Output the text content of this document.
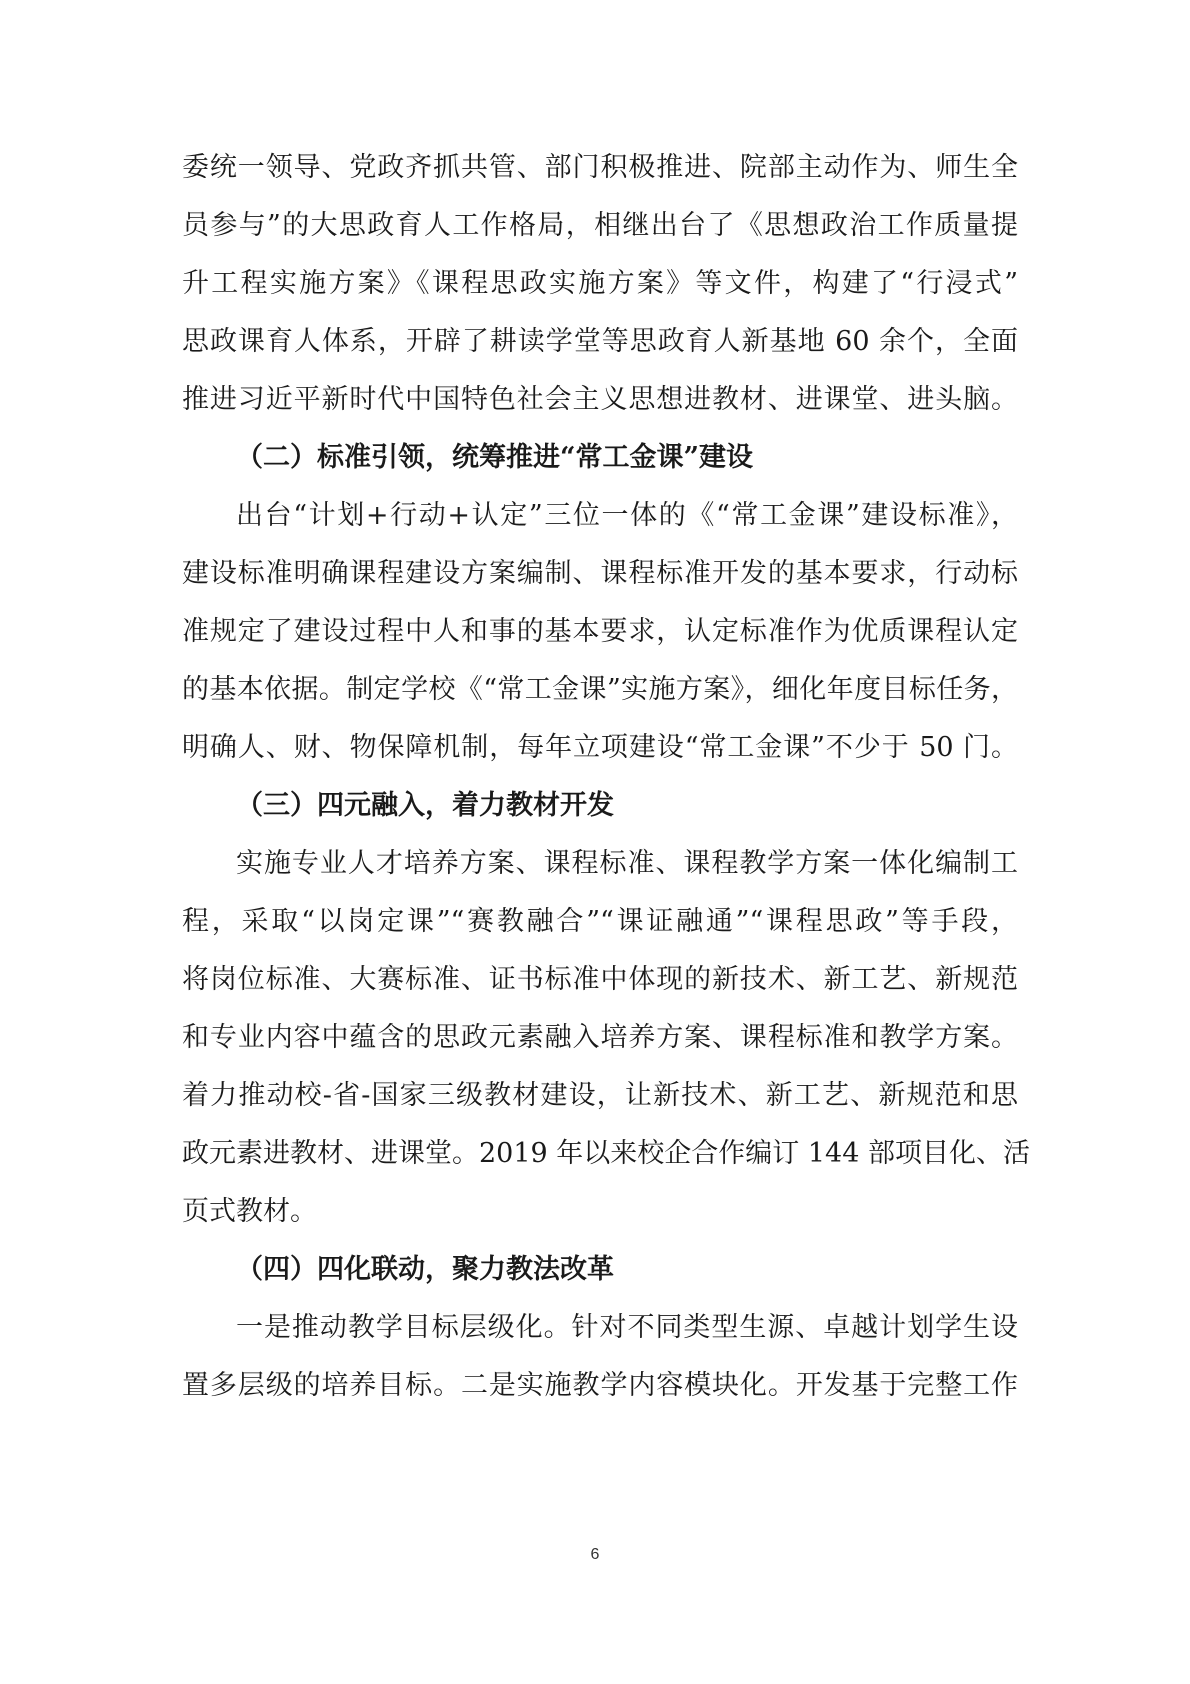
委统一领导、党政齐抓共管、部门积极推进、院部主动作为、师生全
员参与”的大思政育人工作格局，相继出台了《思想政治工作质量提
升工程实施方案》《课程思政实施方案》等文件，构建了“行浸式”
思政课育人体系，开辟了耕读学堂等思政育人新基地 60 余个，全面
推进习近平新时代中国特色社会主义思想进教材、进课堂、进头脑。
（二）标准引领，统筹推进“常工金课”建设
出台“计划+行动+认定”三位一体的《“常工金课”建设标准》，
建设标准明确课程建设方案编制、课程标准开发的基本要求，行动标
准规定了建设过程中人和事的基本要求，认定标准作为优质课程认定
的基本依据。制定学校《“常工金课”实施方案》，细化年度目标任务，
明确人、财、物保障机制，每年立项建设“常工金课”不少于 50 门。
（三）四元融入，着力教材开发
实施专业人才培养方案、课程标准、课程教学方案一体化编制工
程，采取“以岗定课”“赛教融合”“课证融通”“课程思政”等手段，
将岗位标准、大赛标准、证书标准中体现的新技术、新工艺、新规范
和专业内容中蕴含的思政元素融入培养方案、课程标准和教学方案。
着力推动校-省-国家三级教材建设，让新技术、新工艺、新规范和思
政元素进教材、进课堂。2019 年以来校企合作编订 144 部项目化、活
页式教材。
（四）四化联动，聚力教法改革
一是推动教学目标层级化。针对不同类型生源、卓越计划学生设
置多层级的培养目标。二是实施教学内容模块化。开发基于完整工作
6
